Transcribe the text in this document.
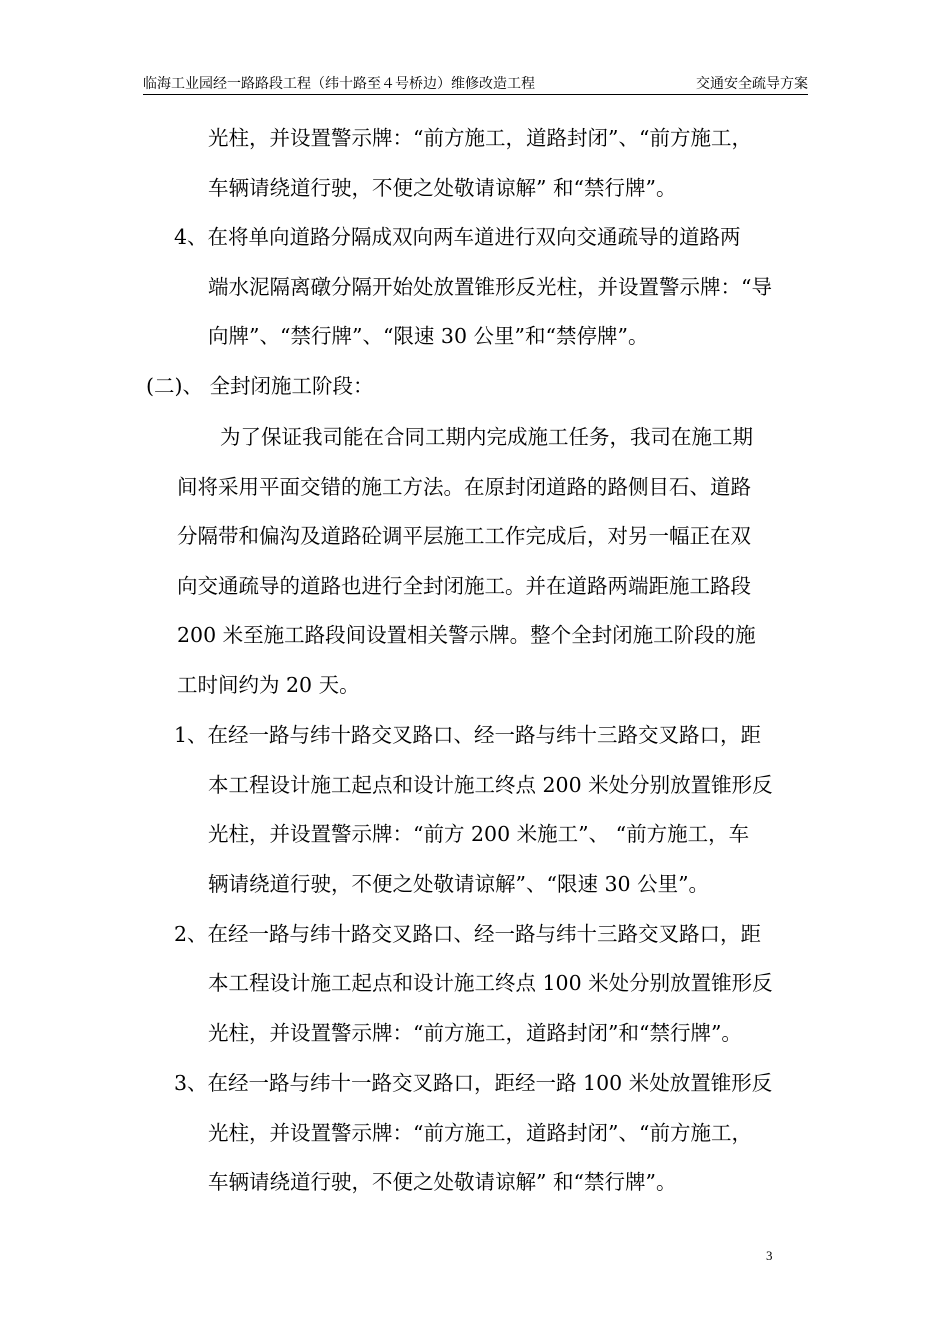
临海工业园经一路路段工程（纬十路至４号桥边）维修改造工程	交通安全疏导方案
光柱，并设置警示牌：“前方施工，道路封闭”、“前方施工，
车辆请绕道行驶，不便之处敬请谅解” 和“禁行牌”。
4、在将单向道路分隔成双向两车道进行双向交通疏导的道路两
端水泥隔离礅分隔开始处放置锥形反光柱，并设置警示牌：“导
向牌”、“禁行牌”、“限速 30 公里”和“禁停牌”。
(二)、 全封闭施工阶段：
为了保证我司能在合同工期内完成施工任务，我司在施工期
间将采用平面交错的施工方法。在原封闭道路的路侧目石、道路
分隔带和偏沟及道路砼调平层施工工作完成后，对另一幅正在双
向交通疏导的道路也进行全封闭施工。并在道路两端距施工路段
200 米至施工路段间设置相关警示牌。整个全封闭施工阶段的施
工时间约为 20 天。
1、在经一路与纬十路交叉路口、经一路与纬十三路交叉路口，距
本工程设计施工起点和设计施工终点 200 米处分别放置锥形反
光柱，并设置警示牌：“前方 200 米施工”、 “前方施工，车
辆请绕道行驶，不便之处敬请谅解”、“限速 30 公里”。
2、在经一路与纬十路交叉路口、经一路与纬十三路交叉路口，距
本工程设计施工起点和设计施工终点 100 米处分别放置锥形反
光柱，并设置警示牌：“前方施工，道路封闭”和“禁行牌”。
3、在经一路与纬十一路交叉路口，距经一路 100 米处放置锥形反
光柱，并设置警示牌：“前方施工，道路封闭”、“前方施工，
车辆请绕道行驶，不便之处敬请谅解” 和“禁行牌”。
3
